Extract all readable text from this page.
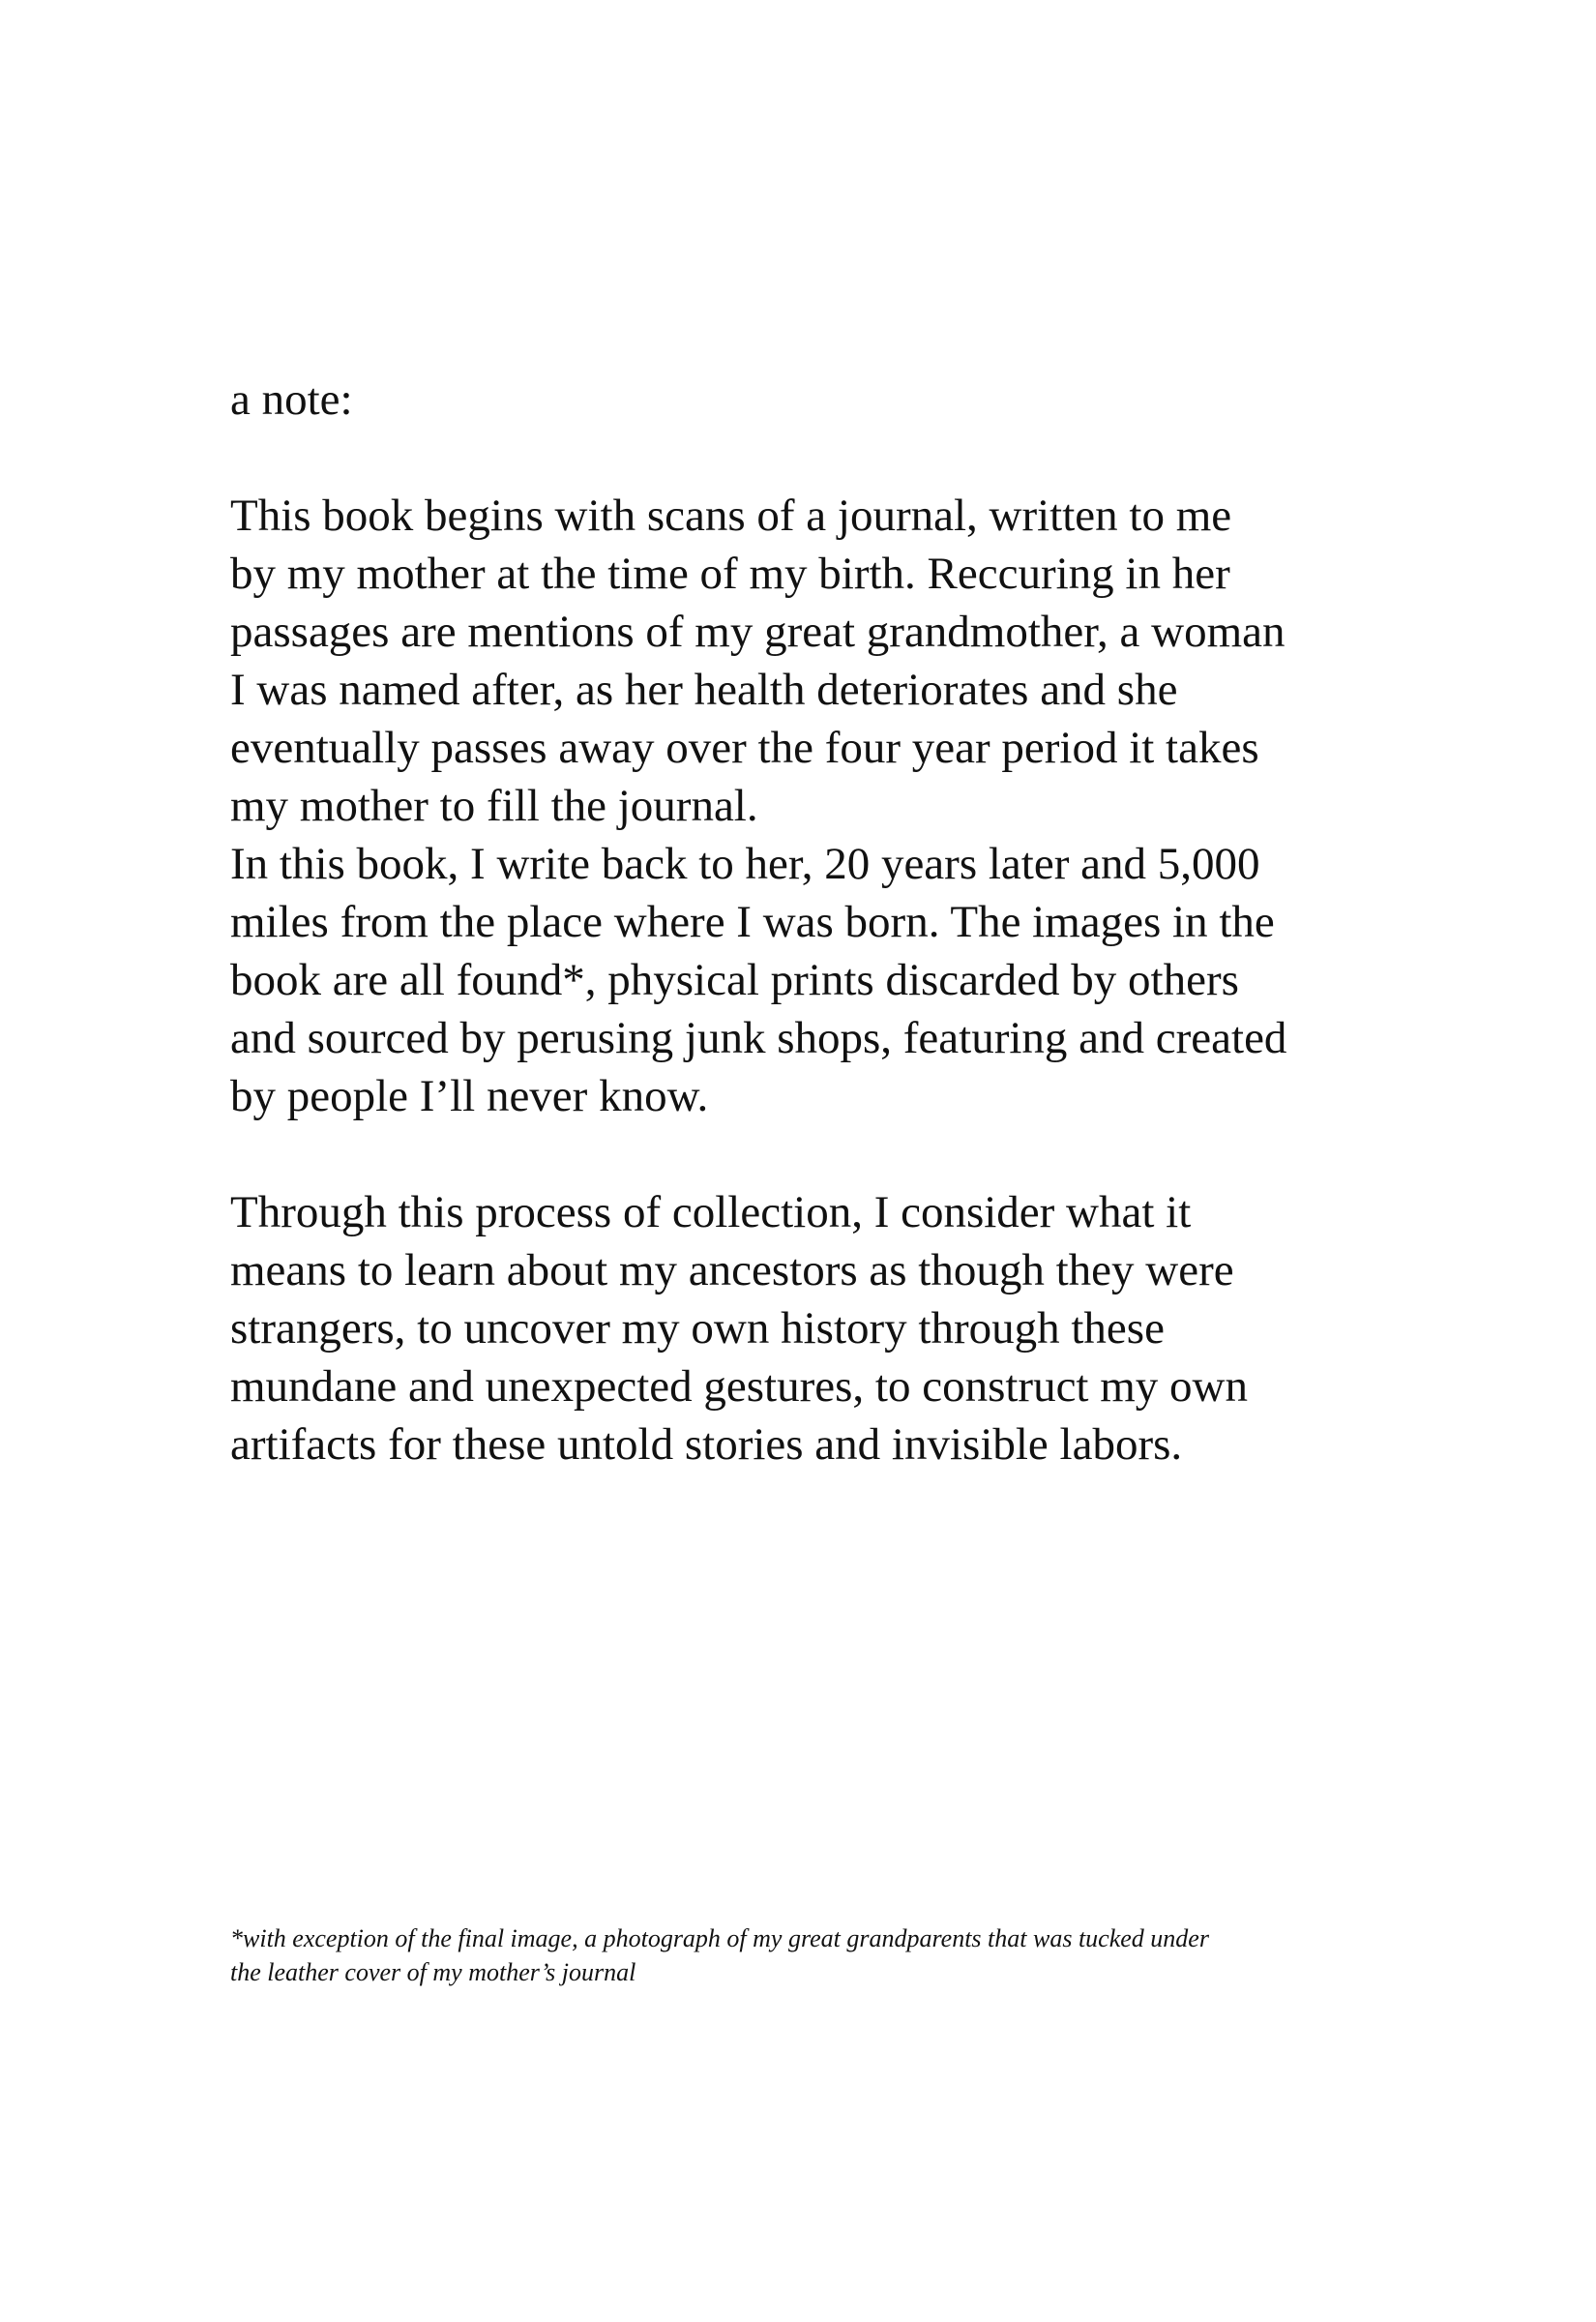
a note:

This book begins with scans of a journal, written to me
by my mother at the time of my birth. Reccuring in her
passages are mentions of my great grandmother, a woman
I was named after, as her health deteriorates and she
eventually passes away over the four year period it takes
my mother to fill the journal.
In this book, I write back to her, 20 years later and 5,000
miles from the place where I was born. The images in the
book are all found*, physical prints discarded by others
and sourced by perusing junk shops, featuring and created
by people I’ll never know.

Through this process of collection, I consider what it
means to learn about my ancestors as though they were
strangers, to uncover my own history through these
mundane and unexpected gestures, to construct my own
artifacts for these untold stories and invisible labors.

*with exception of the final image, a photograph of my great grandparents that was tucked under
the leather cover of my mother’s journal
